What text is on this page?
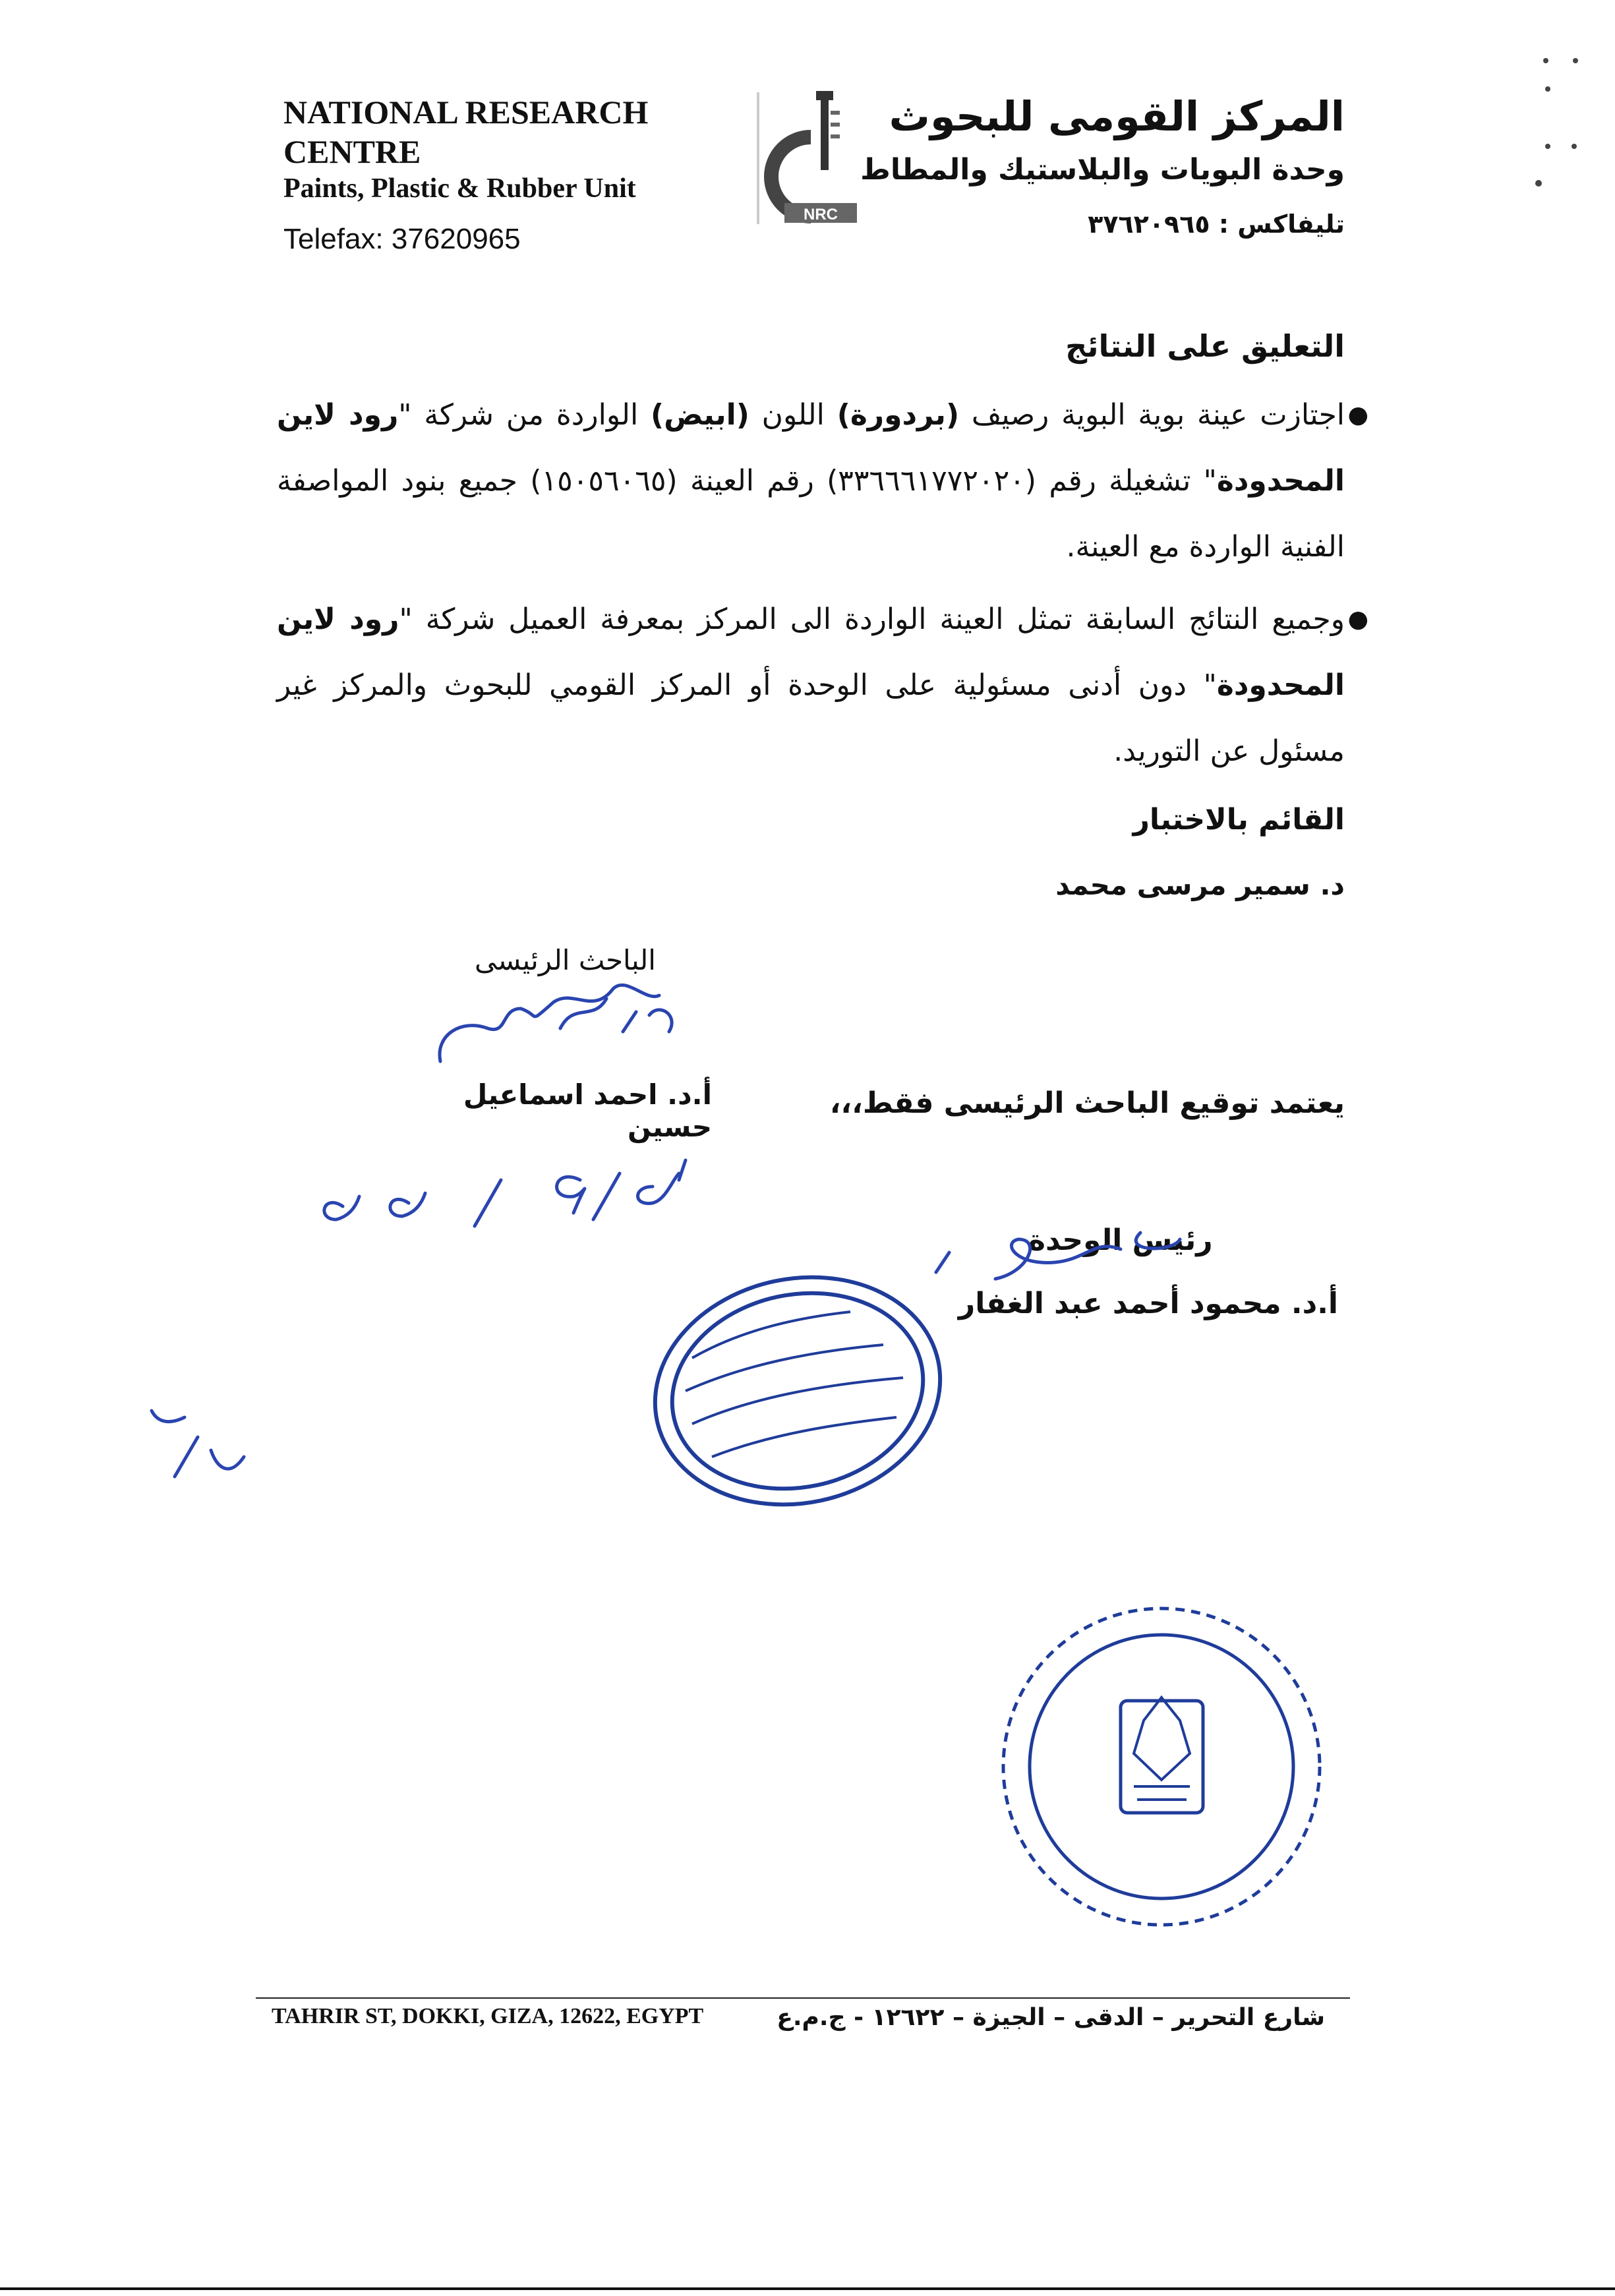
NATIONAL RESEARCH CENTRE
Paints, Plastic & Rubber Unit
Telefax: 37620965
NRC
المركز القومى للبحوث
وحدة البويات والبلاستيك والمطاط
تليفاكس : ٣٧٦٢٠٩٦٥
التعليق على النتائج
●
اجتازت عينة بوية البوية رصيف (بردورة) اللون (ابيض) الواردة من شركة "رود لاين المحدودة" تشغيلة رقم (٣٣٦٦٦١٧٧٢٠٢٠) رقم العينة (١٥٠٥٦٠٦٥) جميع بنود المواصفة الفنية الواردة مع العينة.
●
وجميع النتائج السابقة تمثل العينة الواردة الى المركز بمعرفة العميل شركة "رود لاين المحدودة" دون أدنى مسئولية على الوحدة أو المركز القومي للبحوث والمركز غير مسئول عن التوريد.
القائم بالاختبار
د. سمير مرسى محمد
الباحث الرئيسى
أ.د. احمد اسماعيل حسين
يعتمد توقيع الباحث الرئيسى فقط،،،
رئيس الوحدة
أ.د. محمود أحمد عبد الغفار
TAHRIR ST, DOKKI, GIZA, 12622, EGYPT	شارع التحرير – الدقى – الجيزة – ١٢٦٢٢ - ج.م.ع
